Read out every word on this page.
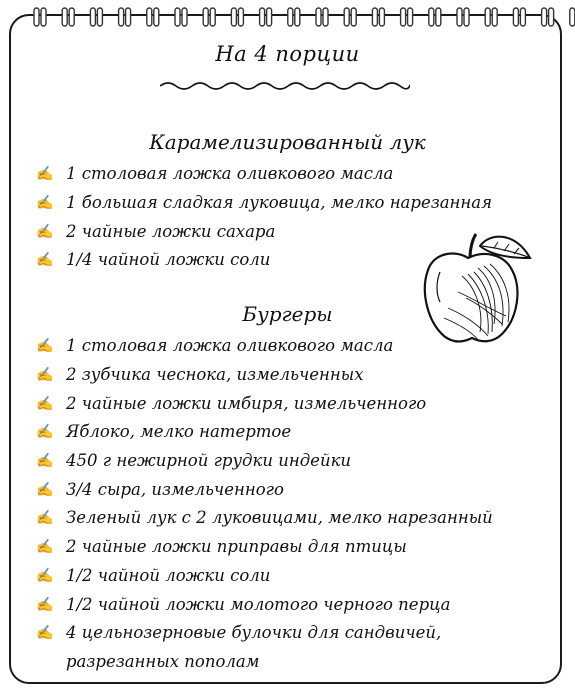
На 4 порции
Карамелизированный лук
✍ 1 столовая ложка оливкового масла
✍ 1 большая сладкая луковица, мелко нарезанная
✍ 2 чайные ложки сахара
✍ 1/4 чайной ложки соли
Бургеры
✍ 1 столовая ложка оливкового масла
✍ 2 зубчика чеснока, измельченных
✍ 2 чайные ложки имбиря, измельченного
✍ Яблоко, мелко натертое
✍ 450 г нежирной грудки индейки
✍ 3/4 сыра, измельченного
✍ Зеленый лук с 2 луковицами, мелко нарезанный
✍ 2 чайные ложки приправы для птицы
✍ 1/2 чайной ложки соли
✍ 1/2 чайной ложки молотого черного перца
✍ 4 цельнозерновые булочки для сандвичей,
разрезанных пополам
